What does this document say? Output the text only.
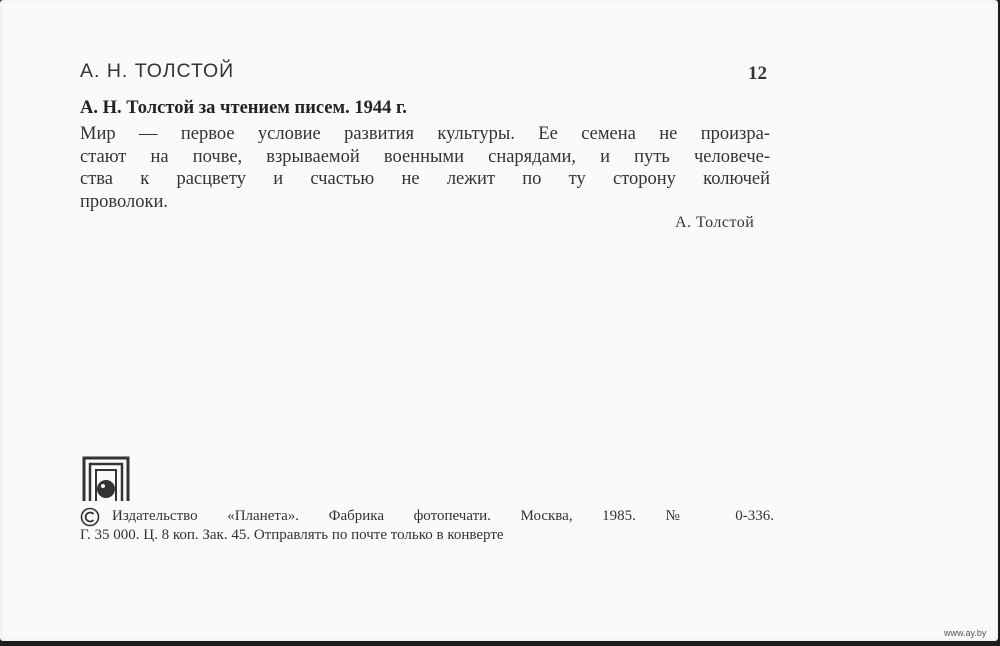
А. Н. ТОЛСТОЙ	12
А. Н. Толстой за чтением писем. 1944 г.
Мир — первое условие развития культуры. Ее семена не произра-
стают на почве, взрываемой военными снарядами, и путь человече-
ства к расцвету и счастью не лежит по ту сторону колючей
проволоки.
А. Толстой
Издательство «Планета». Фабрика фотопечати. Москва, 1985. № 0-336.
Г. 35 000. Ц. 8 коп. Зак. 45. Отправлять по почте только в конверте
www.ay.by
